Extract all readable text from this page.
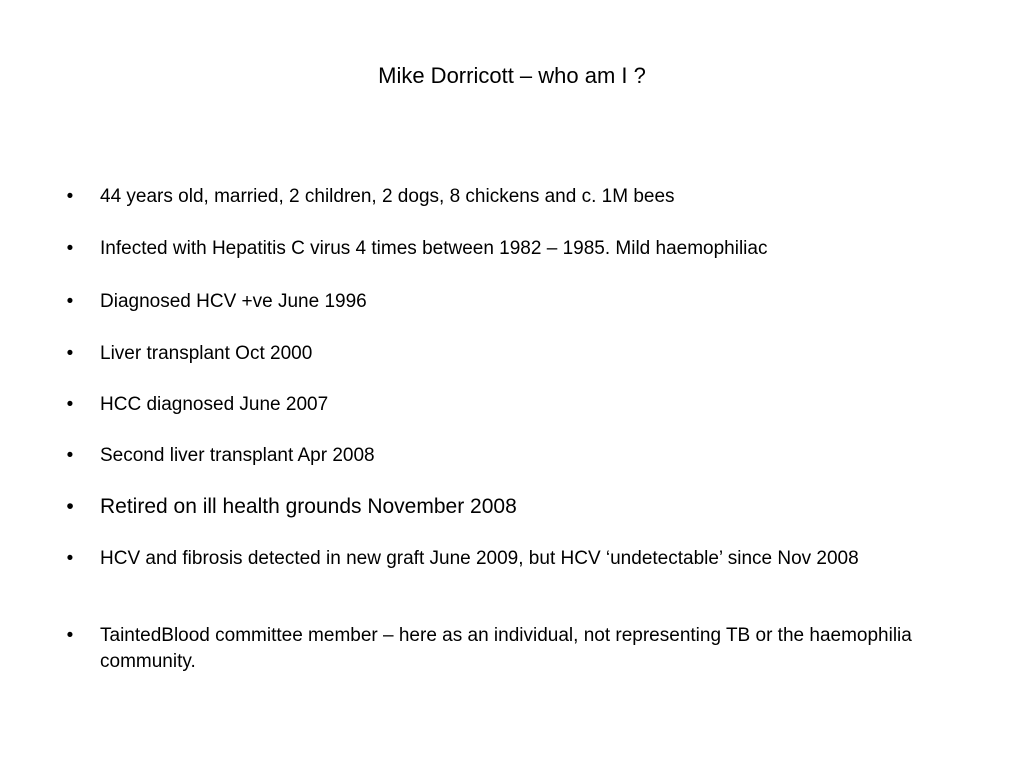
Mike Dorricott – who am I ?
•	44 years old, married, 2 children, 2 dogs, 8 chickens and c. 1M bees
•	Infected with Hepatitis C virus 4 times between 1982 – 1985. Mild haemophiliac
•	Diagnosed HCV +ve June 1996
•	Liver transplant Oct 2000
•	HCC diagnosed June 2007
•	Second liver transplant Apr 2008
•	Retired on ill health grounds November 2008
•	HCV and fibrosis detected in new graft June 2009, but HCV ‘undetectable’ since Nov 2008
•	TaintedBlood committee member – here as an individual, not representing TB or the haemophilia community.
